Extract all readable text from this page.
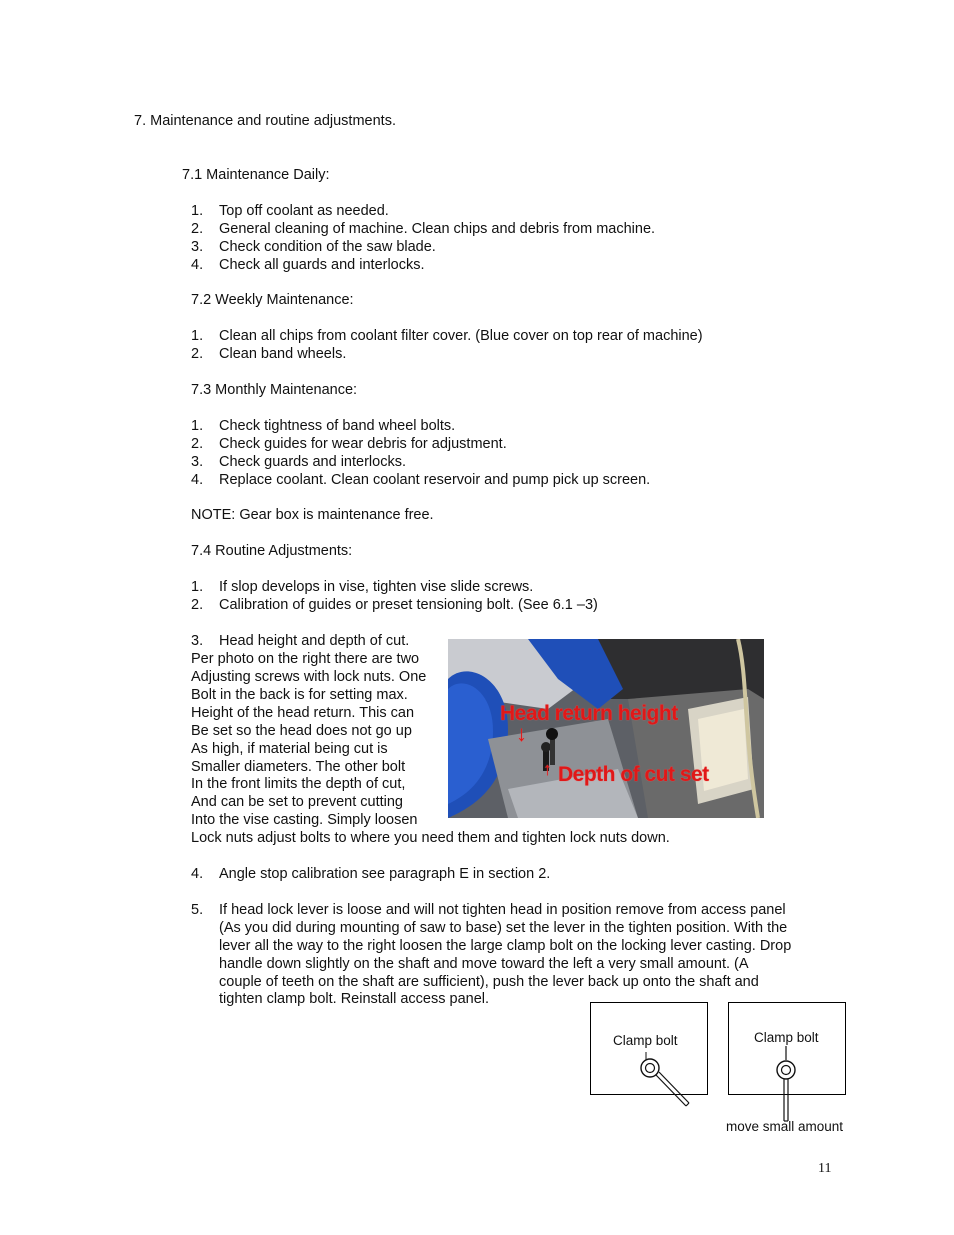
7. Maintenance and routine adjustments.
7.1 Maintenance Daily:
1. Top off coolant as needed.
2. General cleaning of machine. Clean chips and debris from machine.
3. Check condition of the saw blade.
4. Check all guards and interlocks.
7.2 Weekly Maintenance:
1. Clean all chips from coolant filter cover. (Blue cover on top rear of machine)
2. Clean band wheels.
7.3 Monthly Maintenance:
1. Check tightness of band wheel bolts.
2. Check guides for wear debris for adjustment.
3. Check guards and interlocks.
4. Replace coolant. Clean coolant reservoir and pump pick up screen.
NOTE: Gear box is maintenance free.
7.4 Routine Adjustments:
1. If slop develops in vise, tighten vise slide screws.
2. Calibration of guides or preset tensioning bolt. (See 6.1 –3)
3. Head height and depth of cut.
Per photo on the right there are two
Adjusting screws with lock nuts. One
Bolt in the back is for setting max.
Height of the head return. This can
Be set so the head does not go up
As high, if material being cut is
Smaller diameters. The other bolt
In the front limits the depth of cut,
And can be set to prevent cutting
Into the vise casting. Simply loosen
Lock nuts adjust bolts to where you need them and tighten lock nuts down.
4. Angle stop calibration see paragraph E in section 2.
5. If head lock lever is loose and will not tighten head in position remove from access panel
(As you did during mounting of saw to base) set the lever in the tighten position. With the
lever all the way to the right loosen the large clamp bolt on the locking lever casting. Drop
handle down slightly on the shaft and move toward the left a very small amount. (A
couple of teeth on the shaft are sufficient), push the lever back up onto the shaft and
tighten clamp bolt. Reinstall access panel.
Head return height
↓
↑ Depth of cut set
Clamp bolt	Clamp bolt
move small amount
11
